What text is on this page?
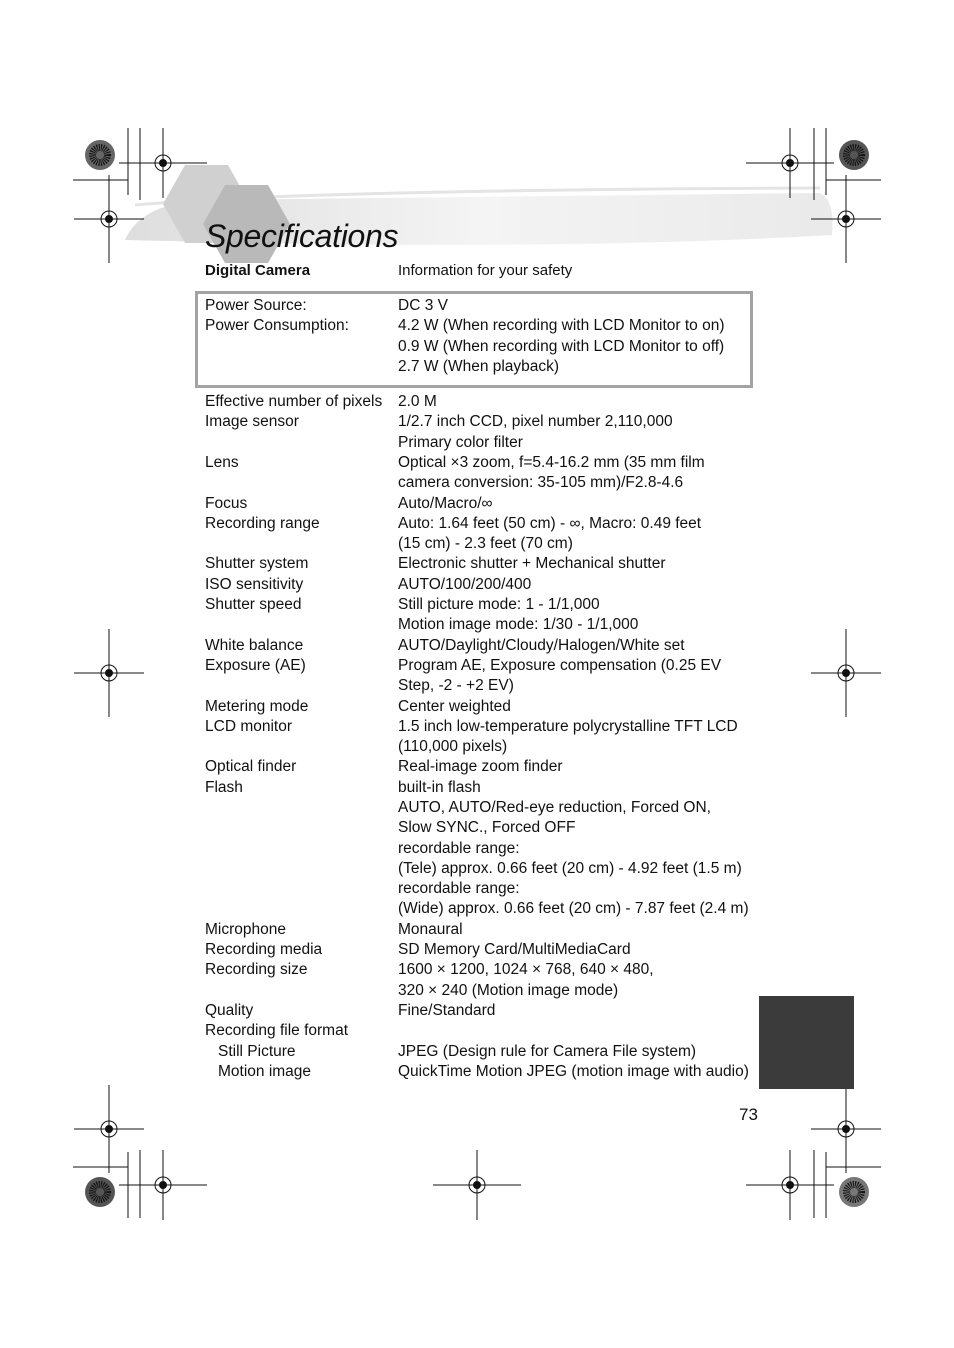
Specifications
Digital Camera	Information for your safety
Power Source:	DC 3 V
Power Consumption:	4.2 W (When recording with LCD Monitor to on)
0.9 W (When recording with LCD Monitor to off)
2.7 W (When playback)
Effective number of pixels 2.0 M
Image sensor	1/2.7 inch CCD, pixel number 2,110,000
Primary color filter
Lens	Optical ×3 zoom, f=5.4-16.2 mm (35 mm film
camera conversion: 35-105 mm)/F2.8-4.6
Focus	Auto/Macro/∞
Recording range	Auto: 1.64 feet (50 cm) - ∞, Macro: 0.49 feet
(15 cm) - 2.3 feet (70 cm)
Shutter system	Electronic shutter + Mechanical shutter
ISO sensitivity	AUTO/100/200/400
Shutter speed	Still picture mode: 1 - 1/1,000
Motion image mode: 1/30 - 1/1,000
White balance	AUTO/Daylight/Cloudy/Halogen/White set
Exposure (AE)	Program AE, Exposure compensation (0.25 EV
Step, -2 - +2 EV)
Metering mode	Center weighted
LCD monitor	1.5 inch low-temperature polycrystalline TFT LCD
(110,000 pixels)
Optical finder	Real-image zoom finder
Flash	built-in flash
AUTO, AUTO/Red-eye reduction, Forced ON,
Slow SYNC., Forced OFF
recordable range:
(Tele) approx. 0.66 feet (20 cm) - 4.92 feet (1.5 m)
recordable range:
(Wide) approx. 0.66 feet (20 cm) - 7.87 feet (2.4 m)
Microphone	Monaural
Recording media	SD Memory Card/MultiMediaCard
Recording size	1600 × 1200, 1024 × 768, 640 × 480,
320 × 240 (Motion image mode)
Quality	Fine/Standard
Recording file format
Still Picture	JPEG (Design rule for Camera File system)
Motion image	QuickTime Motion JPEG (motion image with audio)
73
